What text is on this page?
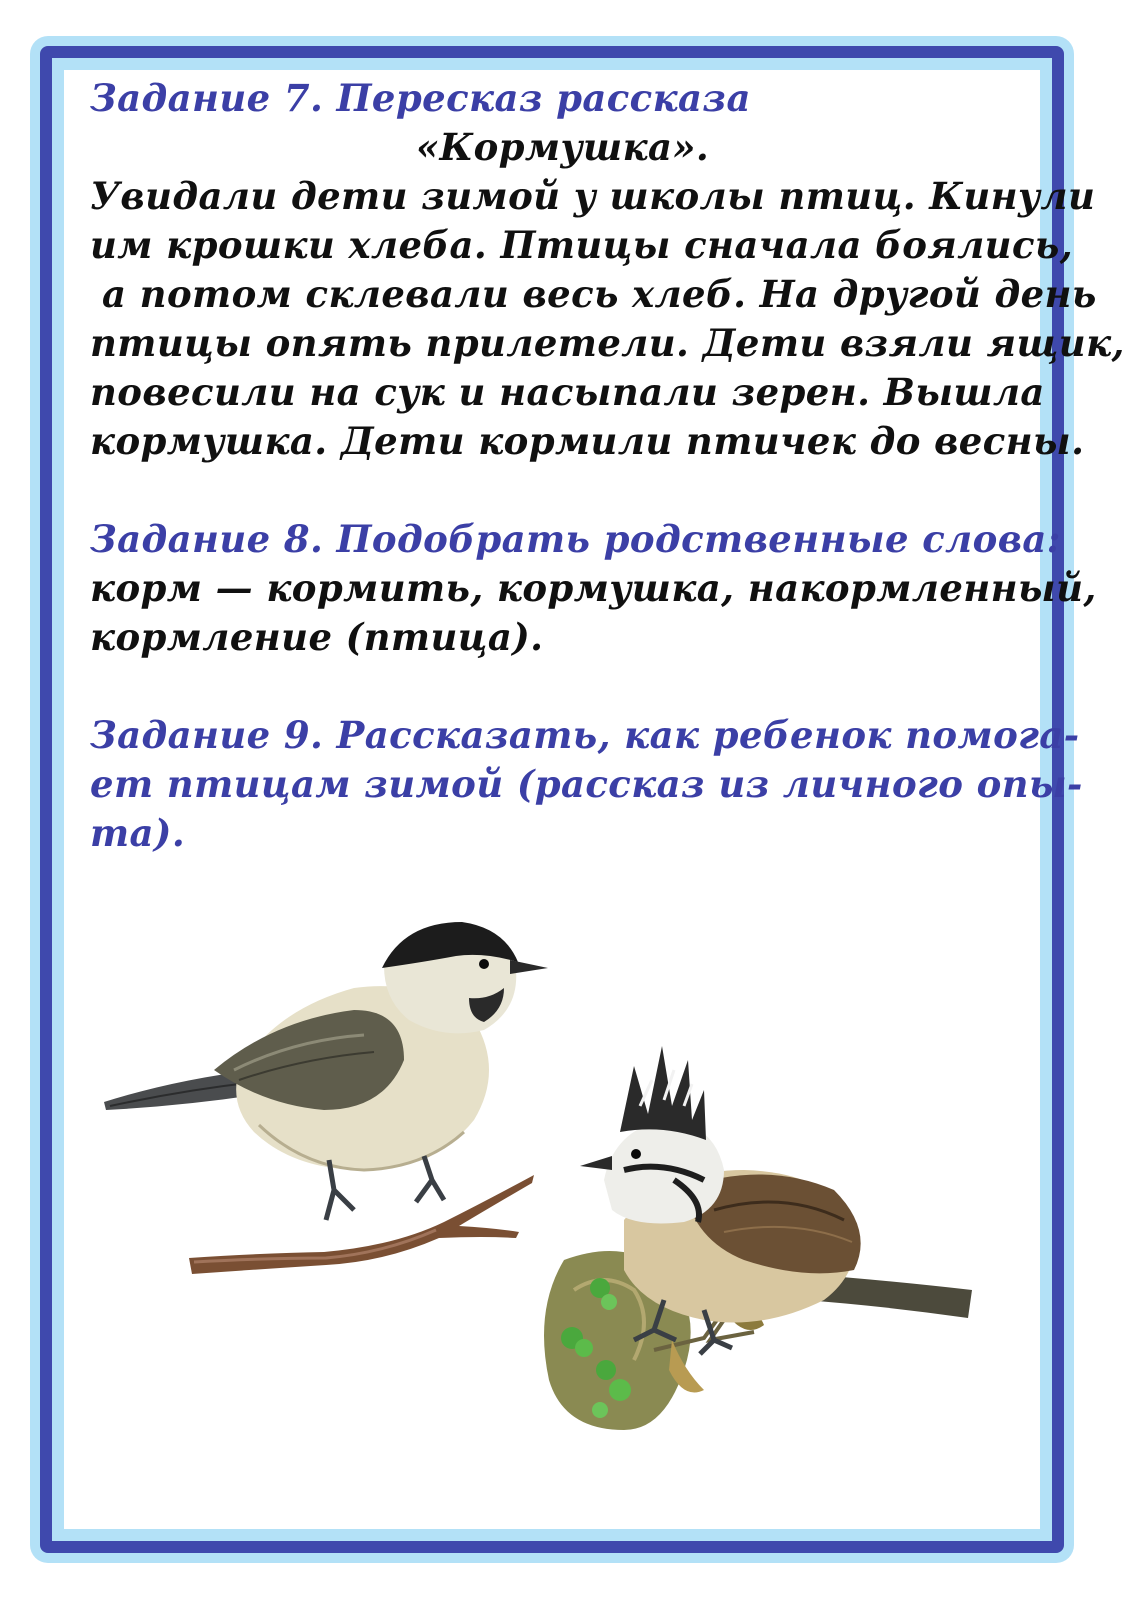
Задание 7. Пересказ рассказа
«Кормушка».
Увидали дети зимой у школы птиц. Кинули
им крошки хлеба. Птицы сначала боялись,
а потом склевали весь хлеб. На другой день
птицы опять прилетели. Дети взяли ящик,
повесили на сук и насыпали зерен. Вышла
кормушка. Дети кормили птичек до весны.
Задание 8. Подобрать родственные слова:
корм — кормить, кормушка, накормленный,
кормление (птица).
Задание 9. Рассказать, как ребенок помога-
ет птицам зимой (рассказ из личного опы-
та).
